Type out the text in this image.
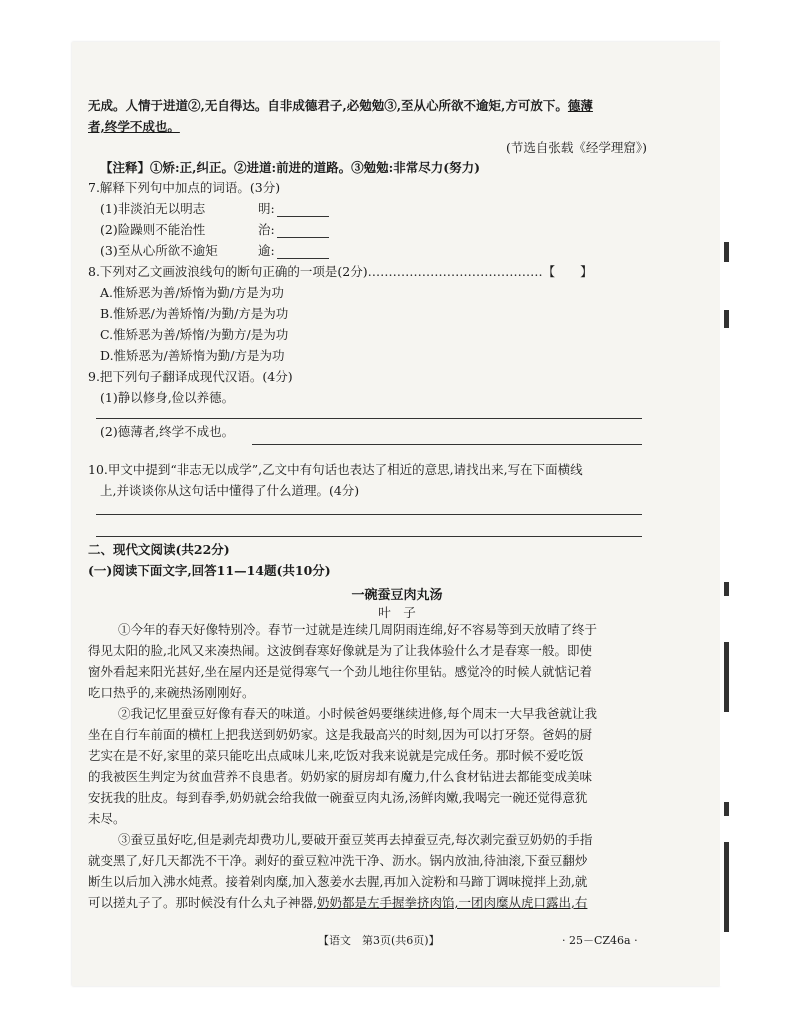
无成。人情于进道②,无自得达。自非成德君子,必勉勉③,至从心所欲不逾矩,方可放下。德薄
者,终学不成也。
(节选自张载《经学理窟》)
【注释】①矫:正,纠正。②进道:前进的道路。③勉勉:非常尽力(努力)
7.解释下列句中加点的词语。(3分)
(1)非淡泊无以明志	明:
(2)险躁则不能治性	治:
(3)至从心所欲不逾矩	逾:
8.下列对乙文画波浪线句的断句正确的一项是(2分)……………………………………【　　】
A.惟矫恶为善/矫惰为勤/方是为功
B.惟矫恶/为善矫惰/为勤/方是为功
C.惟矫恶为善/矫惰/为勤方/是为功
D.惟矫恶为/善矫惰为勤/方是为功
9.把下列句子翻译成现代汉语。(4分)
(1)静以修身,俭以养德。
(2)德薄者,终学不成也。
10.甲文中提到“非志无以成学”,乙文中有句话也表达了相近的意思,请找出来,写在下面横线
上,并谈谈你从这句话中懂得了什么道理。(4分)
二、现代文阅读(共22分)
(一)阅读下面文字,回答11—14题(共10分)
一碗蚕豆肉丸汤
叶　子
①今年的春天好像特别冷。春节一过就是连续几周阴雨连绵,好不容易等到天放晴了终于
得见太阳的脸,北风又来凑热闹。这波倒春寒好像就是为了让我体验什么才是春寒一般。即使
窗外看起来阳光甚好,坐在屋内还是觉得寒气一个劲儿地往你里钻。感觉冷的时候人就惦记着
吃口热乎的,来碗热汤刚刚好。
②我记忆里蚕豆好像有春天的味道。小时候爸妈要继续进修,每个周末一大早我爸就让我
坐在自行车前面的横杠上把我送到奶奶家。这是我最高兴的时刻,因为可以打牙祭。爸妈的厨
艺实在是不好,家里的菜只能吃出点咸味儿来,吃饭对我来说就是完成任务。那时候不爱吃饭
的我被医生判定为贫血营养不良患者。奶奶家的厨房却有魔力,什么食材钻进去都能变成美味
安抚我的肚皮。每到春季,奶奶就会给我做一碗蚕豆肉丸汤,汤鲜肉嫩,我喝完一碗还觉得意犹
未尽。
③蚕豆虽好吃,但是剥壳却费功儿,要破开蚕豆荚再去掉蚕豆壳,每次剥完蚕豆奶奶的手指
就变黑了,好几天都洗不干净。剥好的蚕豆粒冲洗干净、沥水。锅内放油,待油滚,下蚕豆翻炒
断生以后加入沸水炖煮。接着剁肉糜,加入葱姜水去腥,再加入淀粉和马蹄丁调味搅拌上劲,就
可以搓丸子了。那时候没有什么丸子神器,奶奶都是左手握拳挤肉馅,一团肉糜从虎口露出,右
【语文　第3页(共6页)】	· 25－CZ46a ·
